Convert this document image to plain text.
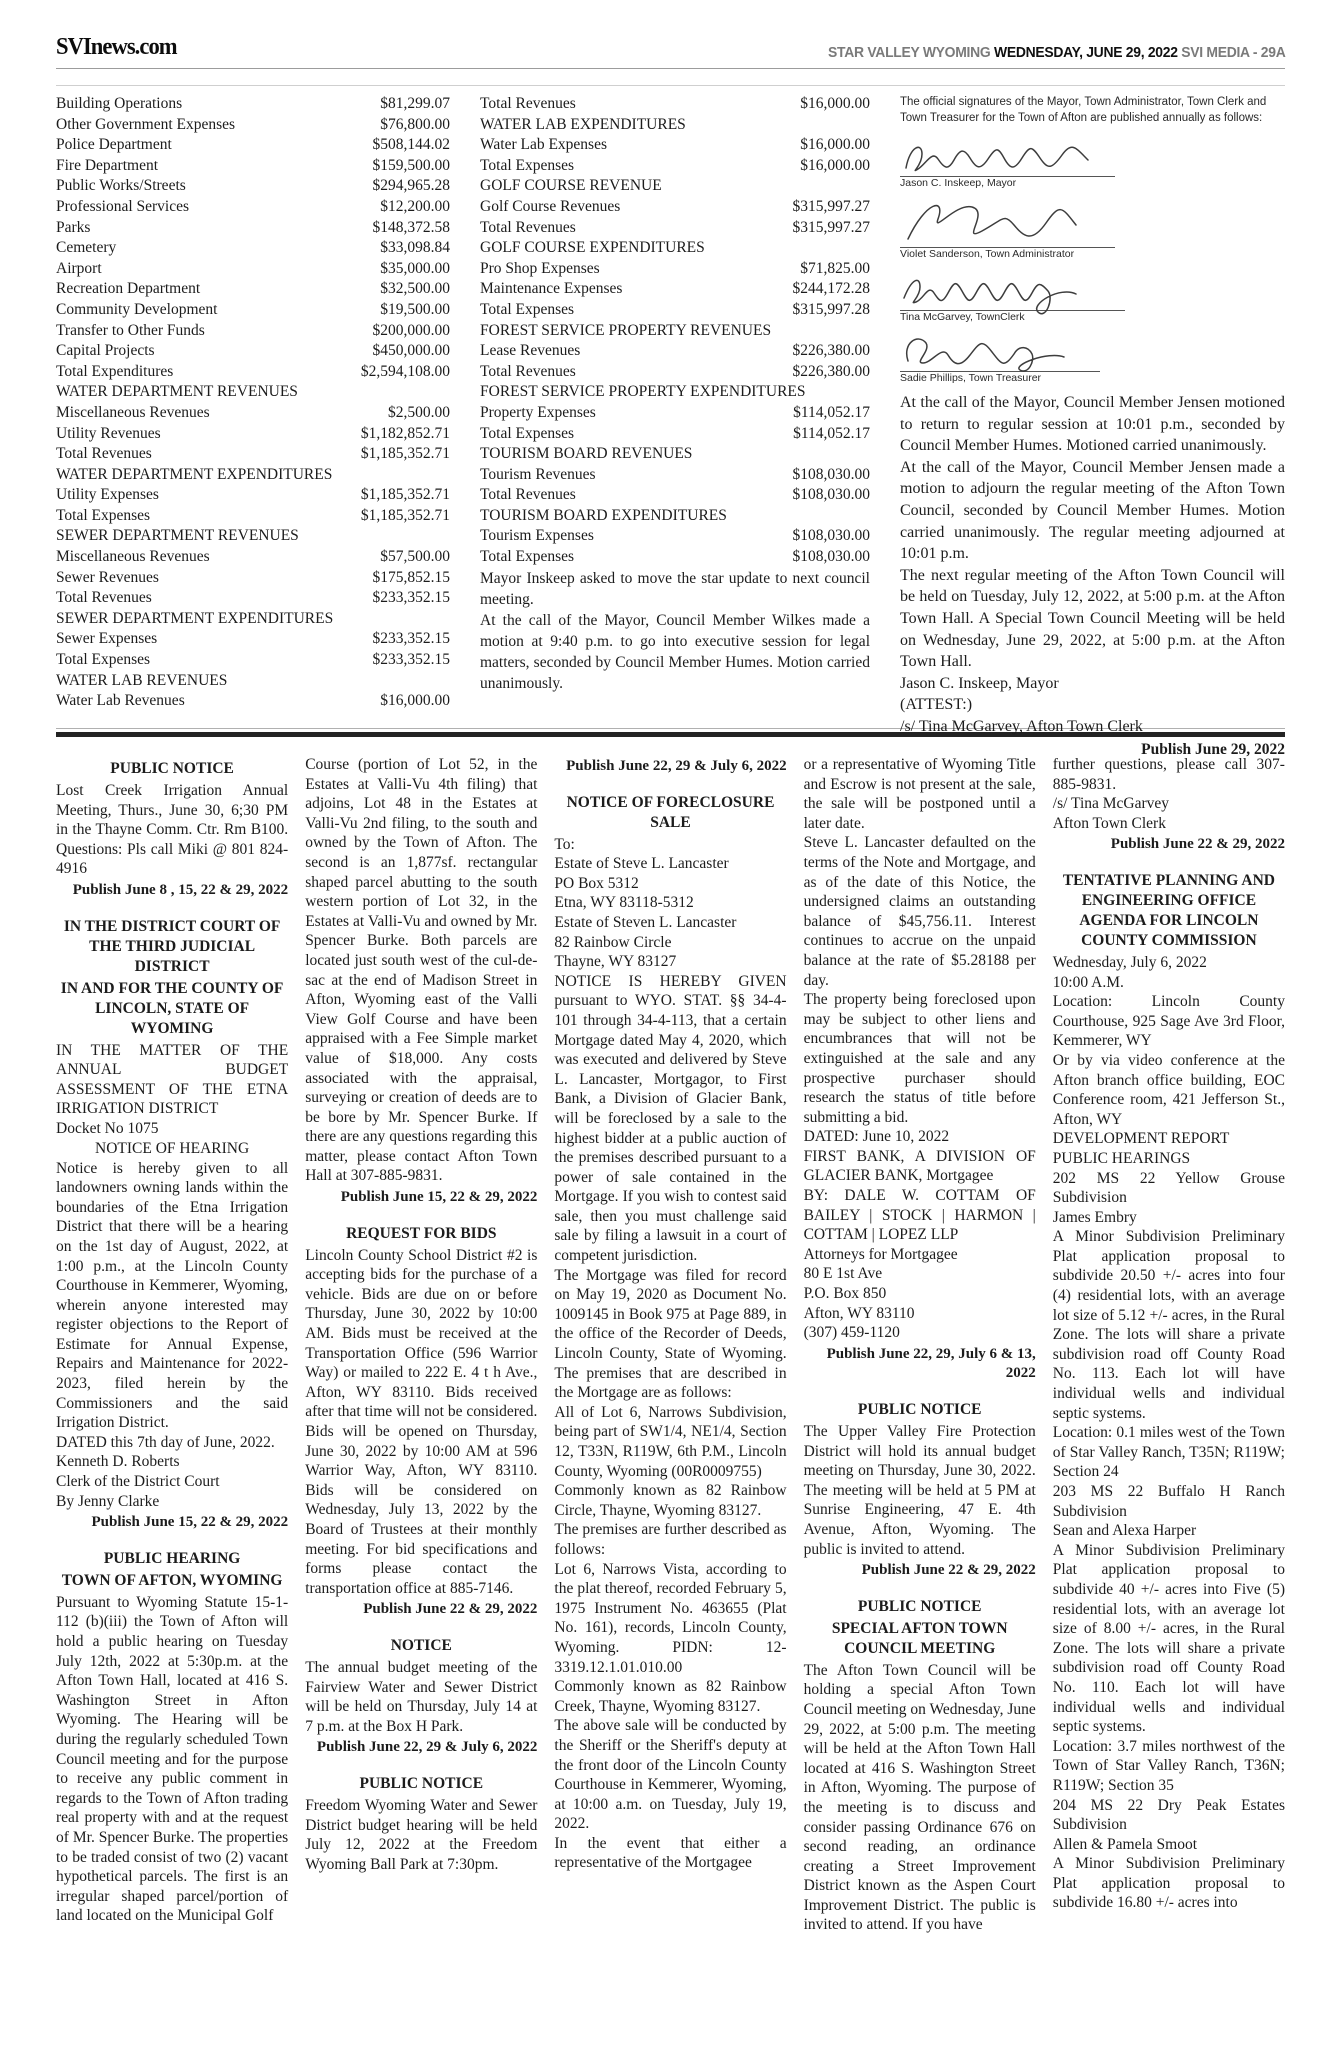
SVInews.com	STAR VALLEY WYOMING WEDNESDAY, JUNE 29, 2022 SVI MEDIA - 29A
Building Operations	$81,299.07
Other Government Expenses	$76,800.00
Police Department	$508,144.02
Fire Department	$159,500.00
Public Works/Streets	$294,965.28
Professional Services	$12,200.00
Parks	$148,372.58
Cemetery	$33,098.84
Airport	$35,000.00
Recreation Department	$32,500.00
Community Development	$19,500.00
Transfer to Other Funds	$200,000.00
Capital Projects	$450,000.00
Total Expenditures	$2,594,108.00
WATER DEPARTMENT REVENUES
Miscellaneous Revenues	$2,500.00
Utility Revenues	$1,182,852.71
Total Revenues	$1,185,352.71
WATER DEPARTMENT EXPENDITURES
Utility Expenses	$1,185,352.71
Total Expenses	$1,185,352.71
SEWER DEPARTMENT REVENUES
Miscellaneous Revenues	$57,500.00
Sewer Revenues	$175,852.15
Total Revenues	$233,352.15
SEWER DEPARTMENT EXPENDITURES
Sewer Expenses	$233,352.15
Total Expenses	$233,352.15
WATER LAB REVENUES
Water Lab Revenues	$16,000.00
Total Revenues	$16,000.00
WATER LAB EXPENDITURES
Water Lab Expenses	$16,000.00
Total Expenses	$16,000.00
GOLF COURSE REVENUE
Golf Course Revenues	$315,997.27
Total Revenues	$315,997.27
GOLF COURSE EXPENDITURES
Pro Shop Expenses	$71,825.00
Maintenance Expenses	$244,172.28
Total Expenses	$315,997.28
FOREST SERVICE PROPERTY REVENUES
Lease Revenues	$226,380.00
Total Revenues	$226,380.00
FOREST SERVICE PROPERTY EXPENDITURES
Property Expenses	$114,052.17
Total Expenses	$114,052.17
TOURISM BOARD REVENUES
Tourism Revenues	$108,030.00
Total Revenues	$108,030.00
TOURISM BOARD EXPENDITURES
Tourism Expenses	$108,030.00
Total Expenses	$108,030.00
Mayor Inskeep asked to move the star update to next council meeting.
At the call of the Mayor, Council Member Wilkes made a motion at 9:40 p.m. to go into executive session for legal matters, seconded by Council Member Humes. Motion carried unanimously.
The official signatures of the Mayor, Town Administrator, Town Clerk and Town Treasurer for the Town of Afton are published annually as follows:
Jason C. Inskeep, Mayor
Violet Sanderson, Town Administrator
Tina McGarvey, TownClerk
Sadie Phillips, Town Treasurer
At the call of the Mayor, Council Member Jensen motioned to return to regular session at 10:01 p.m., seconded by Council Member Humes. Motioned carried unanimously.
At the call of the Mayor, Council Member Jensen made a motion to adjourn the regular meeting of the Afton Town Council, seconded by Council Member Humes. Motion carried unanimously. The regular meeting adjourned at 10:01 p.m.
The next regular meeting of the Afton Town Council will be held on Tuesday, July 12, 2022, at 5:00 p.m. at the Afton Town Hall. A Special Town Council Meeting will be held on Wednesday, June 29, 2022, at 5:00 p.m. at the Afton Town Hall.
Jason C. Inskeep, Mayor
(ATTEST:)
/s/ Tina McGarvey, Afton Town Clerk
Publish June 29, 2022
PUBLIC NOTICE
Lost Creek Irrigation Annual Meeting, Thurs., June 30, 6;30 PM in the Thayne Comm. Ctr. Rm B100. Questions: Pls call Miki @ 801 824-4916
Publish June 8 , 15, 22 & 29, 2022
IN THE DISTRICT COURT OF THE THIRD JUDICIAL DISTRICT
IN AND FOR THE COUNTY OF LINCOLN, STATE OF WYOMING
IN THE MATTER OF THE ANNUAL BUDGET ASSESSMENT OF THE ETNA IRRIGATION DISTRICT
Docket No 1075
NOTICE OF HEARING
Notice is hereby given to all landowners owning lands within the boundaries of the Etna Irrigation District that there will be a hearing on the 1st day of August, 2022, at 1:00 p.m., at the Lincoln County Courthouse in Kemmerer, Wyoming, wherein anyone interested may register objections to the Report of Estimate for Annual Expense, Repairs and Maintenance for 2022-2023, filed herein by the Commissioners and the said Irrigation District.
DATED this 7th day of June, 2022.
Kenneth D. Roberts
Clerk of the District Court
By Jenny Clarke
Publish June 15, 22 & 29, 2022
PUBLIC HEARING
TOWN OF AFTON, WYOMING
Pursuant to Wyoming Statute 15-1-112 (b)(iii) the Town of Afton will hold a public hearing on Tuesday July 12th, 2022 at 5:30p.m. at the Afton Town Hall, located at 416 S. Washington Street in Afton Wyoming. The Hearing will be during the regularly scheduled Town Council meeting and for the purpose to receive any public comment in regards to the Town of Afton trading real property with and at the request of Mr. Spencer Burke. The properties to be traded consist of two (2) vacant hypothetical parcels. The first is an irregular shaped parcel/portion of land located on the Municipal Golf
Course (portion of Lot 52, in the Estates at Valli-Vu 4th filing) that adjoins, Lot 48 in the Estates at Valli-Vu 2nd filing, to the south and owned by the Town of Afton. The second is an 1,877sf. rectangular shaped parcel abutting to the south western portion of Lot 32, in the Estates at Valli-Vu and owned by Mr. Spencer Burke. Both parcels are located just south west of the cul-de-sac at the end of Madison Street in Afton, Wyoming east of the Valli View Golf Course and have been appraised with a Fee Simple market value of $18,000. Any costs associated with the appraisal, surveying or creation of deeds are to be bore by Mr. Spencer Burke. If there are any questions regarding this matter, please contact Afton Town Hall at 307-885-9831.
Publish June 15, 22 & 29, 2022
REQUEST FOR BIDS
Lincoln County School District #2 is accepting bids for the purchase of a vehicle. Bids are due on or before Thursday, June 30, 2022 by 10:00 AM. Bids must be received at the Transportation Office (596 Warrior Way) or mailed to 222 E. 4 t h Ave., Afton, WY 83110. Bids received after that time will not be considered. Bids will be opened on Thursday, June 30, 2022 by 10:00 AM at 596 Warrior Way, Afton, WY 83110. Bids will be considered on Wednesday, July 13, 2022 by the Board of Trustees at their monthly meeting. For bid specifications and forms please contact the transportation office at 885-7146.
Publish June 22 & 29, 2022
NOTICE
The annual budget meeting of the Fairview Water and Sewer District will be held on Thursday, July 14 at 7 p.m. at the Box H Park.
Publish June 22, 29 & July 6, 2022
PUBLIC NOTICE
Freedom Wyoming Water and Sewer District budget hearing will be held July 12, 2022 at the Freedom Wyoming Ball Park at 7:30pm.
Publish June 22, 29 & July 6, 2022
NOTICE OF FORECLOSURE SALE
To:
Estate of Steve L. Lancaster
PO Box 5312
Etna, WY 83118-5312
Estate of Steven L. Lancaster
82 Rainbow Circle
Thayne, WY 83127
NOTICE IS HEREBY GIVEN pursuant to WYO. STAT. §§ 34-4-101 through 34-4-113, that a certain Mortgage dated May 4, 2020, which was executed and delivered by Steve L. Lancaster, Mortgagor, to First Bank, a Division of Glacier Bank, will be foreclosed by a sale to the highest bidder at a public auction of the premises described pursuant to a power of sale contained in the Mortgage. If you wish to contest said sale, then you must challenge said sale by filing a lawsuit in a court of competent jurisdiction.
The Mortgage was filed for record on May 19, 2020 as Document No. 1009145 in Book 975 at Page 889, in the office of the Recorder of Deeds, Lincoln County, State of Wyoming. The premises that are described in the Mortgage are as follows:
All of Lot 6, Narrows Subdivision, being part of SW1/4, NE1/4, Section 12, T33N, R119W, 6th P.M., Lincoln County, Wyoming (00R0009755)
Commonly known as 82 Rainbow Circle, Thayne, Wyoming 83127.
The premises are further described as follows:
Lot 6, Narrows Vista, according to the plat thereof, recorded February 5, 1975 Instrument No. 463655 (Plat No. 161), records, Lincoln County, Wyoming. PIDN: 12-3319.12.1.01.010.00
Commonly known as 82 Rainbow Creek, Thayne, Wyoming 83127.
The above sale will be conducted by the Sheriff or the Sheriff's deputy at the front door of the Lincoln County Courthouse in Kemmerer, Wyoming, at 10:00 a.m. on Tuesday, July 19, 2022.
In the event that either a representative of the Mortgagee
or a representative of Wyoming Title and Escrow is not present at the sale, the sale will be postponed until a later date.
Steve L. Lancaster defaulted on the terms of the Note and Mortgage, and as of the date of this Notice, the undersigned claims an outstanding balance of $45,756.11. Interest continues to accrue on the unpaid balance at the rate of $5.28188 per day.
The property being foreclosed upon may be subject to other liens and encumbrances that will not be extinguished at the sale and any prospective purchaser should research the status of title before submitting a bid.
DATED: June 10, 2022
FIRST BANK, A DIVISION OF GLACIER BANK, Mortgagee
BY: DALE W. COTTAM OF BAILEY | STOCK | HARMON | COTTAM | LOPEZ LLP
Attorneys for Mortgagee
80 E 1st Ave
P.O. Box 850
Afton, WY 83110
(307) 459-1120
Publish June 22, 29, July 6 & 13, 2022
PUBLIC NOTICE
The Upper Valley Fire Protection District will hold its annual budget meeting on Thursday, June 30, 2022. The meeting will be held at 5 PM at Sunrise Engineering, 47 E. 4th Avenue, Afton, Wyoming. The public is invited to attend.
Publish June 22 & 29, 2022
PUBLIC NOTICE
SPECIAL AFTON TOWN COUNCIL MEETING
The Afton Town Council will be holding a special Afton Town Council meeting on Wednesday, June 29, 2022, at 5:00 p.m. The meeting will be held at the Afton Town Hall located at 416 S. Washington Street in Afton, Wyoming. The purpose of the meeting is to discuss and consider passing Ordinance 676 on second reading, an ordinance creating a Street Improvement District known as the Aspen Court Improvement District. The public is invited to attend. If you have
further questions, please call 307-885-9831.
/s/ Tina McGarvey
Afton Town Clerk
Publish June 22 & 29, 2022
TENTATIVE PLANNING AND ENGINEERING OFFICE AGENDA FOR LINCOLN COUNTY COMMISSION
Wednesday, July 6, 2022
10:00 A.M.
Location: Lincoln County Courthouse, 925 Sage Ave 3rd Floor, Kemmerer, WY
Or by via video conference at the Afton branch office building, EOC Conference room, 421 Jefferson St., Afton, WY
DEVELOPMENT REPORT
PUBLIC HEARINGS
202 MS 22 Yellow Grouse Subdivision
James Embry
A Minor Subdivision Preliminary Plat application proposal to subdivide 20.50 +/- acres into four (4) residential lots, with an average lot size of 5.12 +/- acres, in the Rural Zone. The lots will share a private subdivision road off County Road No. 113. Each lot will have individual wells and individual septic systems.
Location: 0.1 miles west of the Town of Star Valley Ranch, T35N; R119W; Section 24
203 MS 22 Buffalo H Ranch Subdivision
Sean and Alexa Harper
A Minor Subdivision Preliminary Plat application proposal to subdivide 40 +/- acres into Five (5) residential lots, with an average lot size of 8.00 +/- acres, in the Rural Zone. The lots will share a private subdivision road off County Road No. 110. Each lot will have individual wells and individual septic systems.
Location: 3.7 miles northwest of the Town of Star Valley Ranch, T36N; R119W; Section 35
204 MS 22 Dry Peak Estates Subdivision
Allen & Pamela Smoot
A Minor Subdivision Preliminary Plat application proposal to subdivide 16.80 +/- acres into
